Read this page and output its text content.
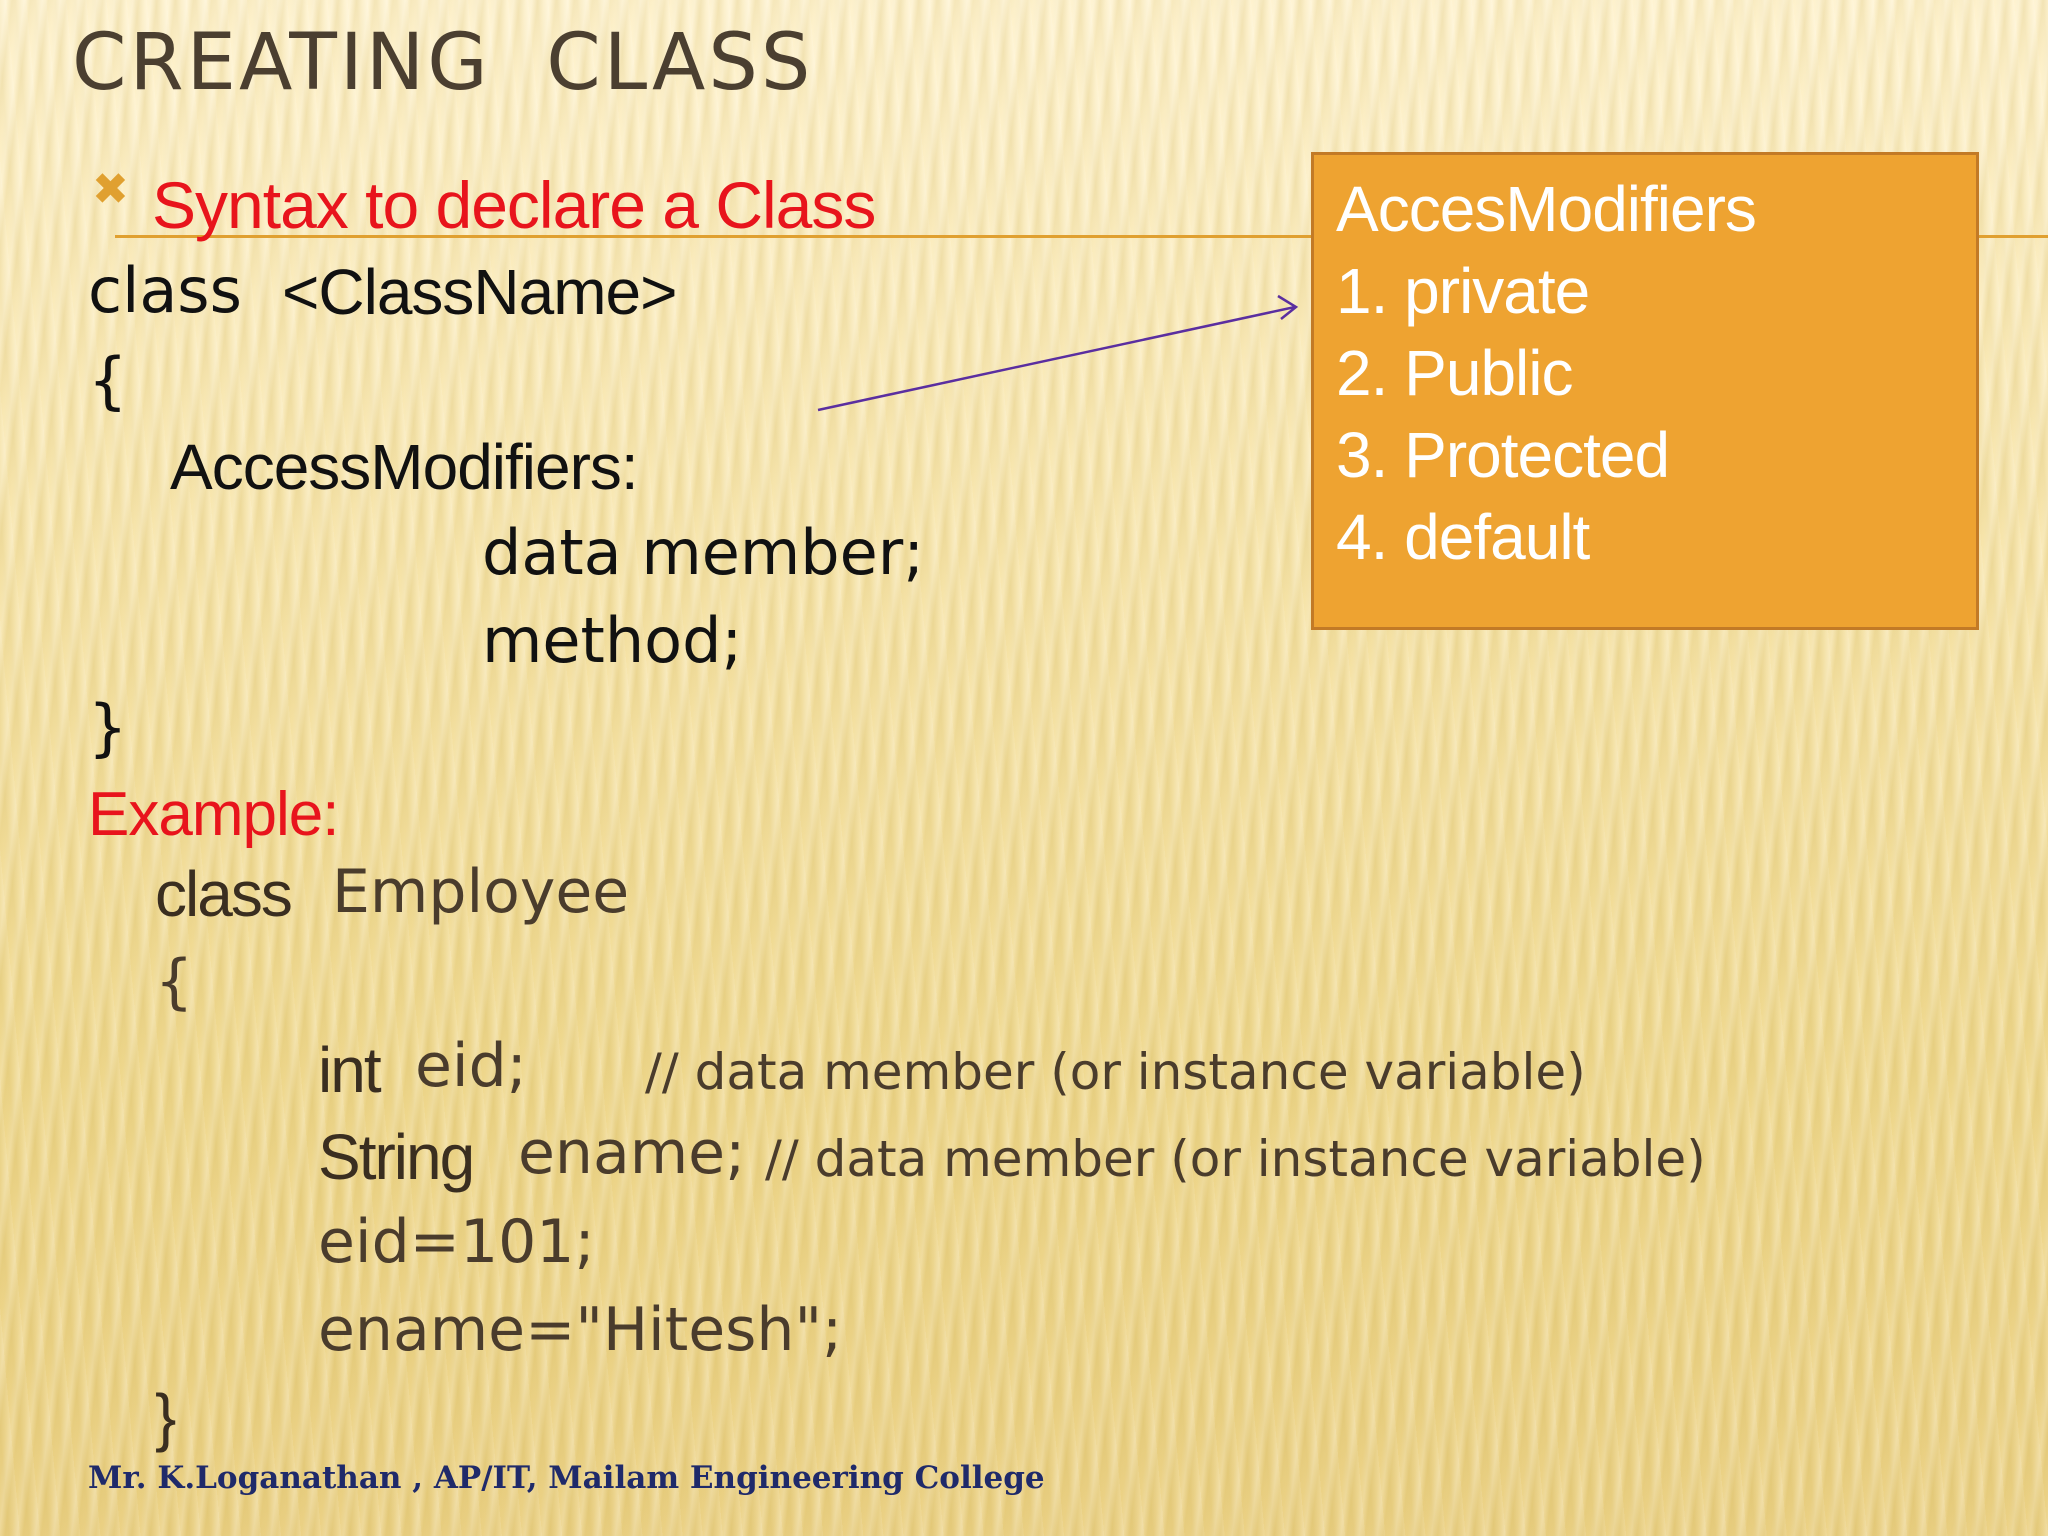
CREATING  CLASS
✖ Syntax to declare a Class
class <ClassName>
{
AccessModifiers:
data member;
method;
}
Example:
class Employee
{
int eid; // data member (or instance variable)
String ename; // data member (or instance variable)
eid=101;
ename="Hitesh";
}
AccesModifiers
1. private
2. Public
3. Protected
4. default
Mr. K.Loganathan , AP/IT, Mailam Engineering College
